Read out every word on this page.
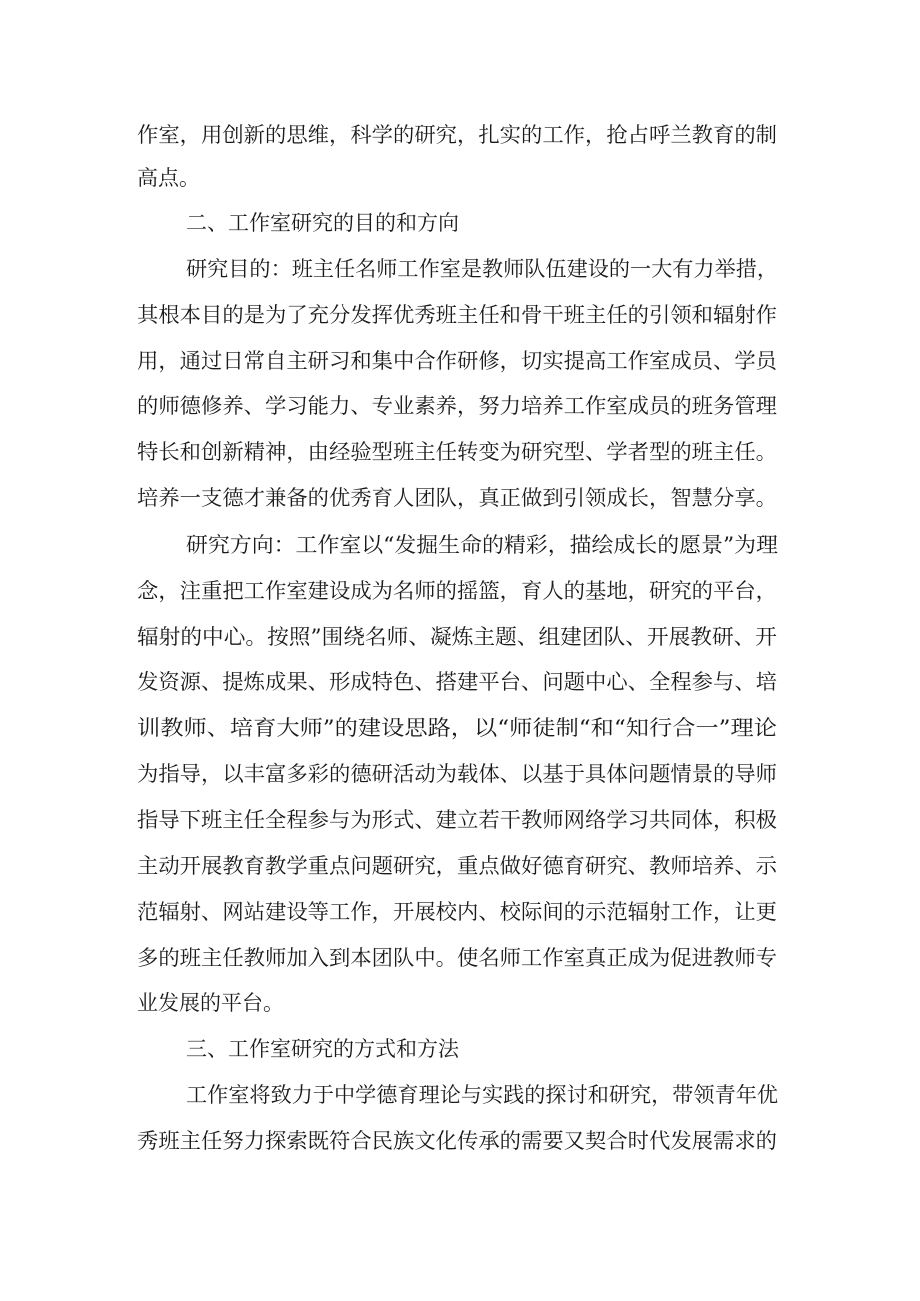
作室，用创新的思维，科学的研究，扎实的工作，抢占呼兰教育的制
高点。
二、工作室研究的目的和方向
研究目的：班主任名师工作室是教师队伍建设的一大有力举措，
其根本目的是为了充分发挥优秀班主任和骨干班主任的引领和辐射作
用，通过日常自主研习和集中合作研修，切实提高工作室成员、学员
的师德修养、学习能力、专业素养，努力培养工作室成员的班务管理
特长和创新精神，由经验型班主任转变为研究型、学者型的班主任。
培养一支德才兼备的优秀育人团队，真正做到引领成长，智慧分享。
研究方向：工作室以“发掘生命的精彩，描绘成长的愿景”为理
念，注重把工作室建设成为名师的摇篮，育人的基地，研究的平台，
辐射的中心。按照”围绕名师、凝炼主题、组建团队、开展教研、开
发资源、提炼成果、形成特色、搭建平台、问题中心、全程参与、培
训教师、培育大师”的建设思路，以“师徒制“和“知行合一”理论
为指导，以丰富多彩的德研活动为载体、以基于具体问题情景的导师
指导下班主任全程参与为形式、建立若干教师网络学习共同体，积极
主动开展教育教学重点问题研究，重点做好德育研究、教师培养、示
范辐射、网站建设等工作，开展校内、校际间的示范辐射工作，让更
多的班主任教师加入到本团队中。使名师工作室真正成为促进教师专
业发展的平台。
三、工作室研究的方式和方法
工作室将致力于中学德育理论与实践的探讨和研究，带领青年优
秀班主任努力探索既符合民族文化传承的需要又契合时代发展需求的
